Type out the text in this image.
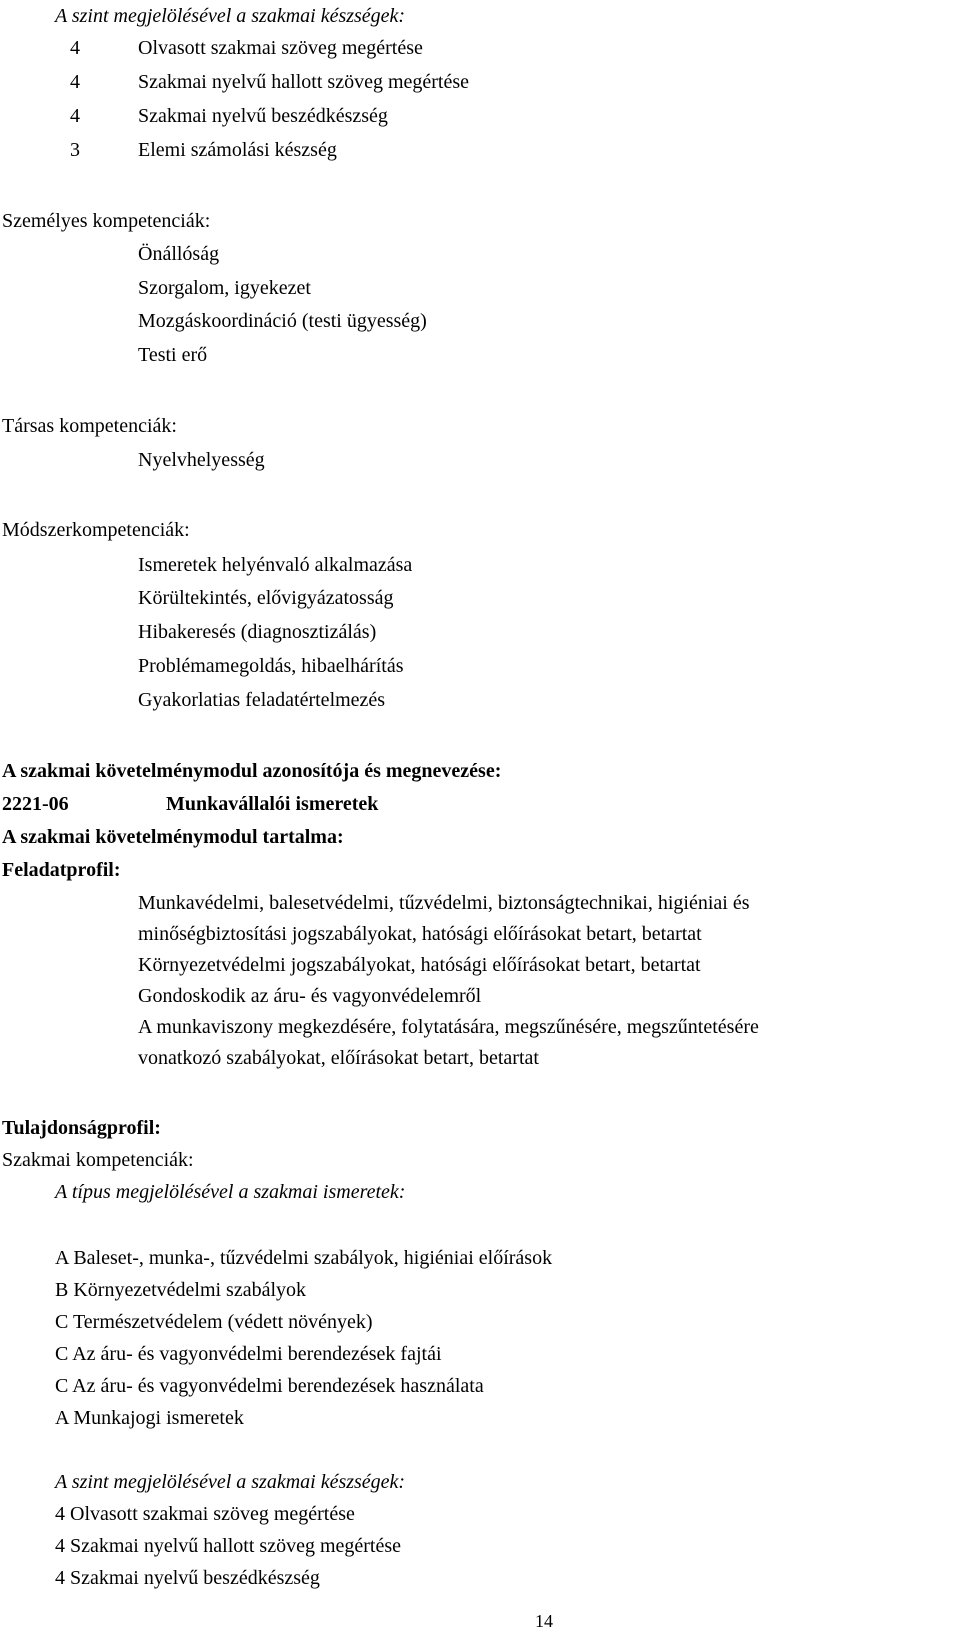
A szint megjelölésével a szakmai készségek:
4	Olvasott szakmai szöveg megértése
4	Szakmai nyelvű hallott szöveg megértése
4	Szakmai nyelvű beszédkészség
3	Elemi számolási készség
Személyes kompetenciák:
Önállóság
Szorgalom, igyekezet
Mozgáskoordináció (testi ügyesség)
Testi erő
Társas kompetenciák:
Nyelvhelyesség
Módszerkompetenciák:
Ismeretek helyénvaló alkalmazása
Körültekintés, elővigyázatosság
Hibakeresés (diagnosztizálás)
Problémamegoldás, hibaelhárítás
Gyakorlatias feladatértelmezés
A szakmai követelménymodul azonosítója és megnevezése:
2221-06	Munkavállalói ismeretek
A szakmai követelménymodul tartalma:
Feladatprofil:
Munkavédelmi, balesetvédelmi, tűzvédelmi, biztonságtechnikai, higiéniai és
minőségbiztosítási jogszabályokat, hatósági előírásokat betart, betartat
Környezetvédelmi jogszabályokat, hatósági előírásokat betart, betartat
Gondoskodik az áru- és vagyonvédelemről
A munkaviszony megkezdésére, folytatására, megszűnésére, megszűntetésére
vonatkozó szabályokat, előírásokat betart, betartat
Tulajdonságprofil:
Szakmai kompetenciák:
A típus megjelölésével a szakmai ismeretek:
A Baleset-, munka-, tűzvédelmi szabályok, higiéniai előírások
B Környezetvédelmi szabályok
C Természetvédelem (védett növények)
C Az áru- és vagyonvédelmi berendezések fajtái
C Az áru- és vagyonvédelmi berendezések használata
A Munkajogi ismeretek
A szint megjelölésével a szakmai készségek:
4 Olvasott szakmai szöveg megértése
4 Szakmai nyelvű hallott szöveg megértése
4 Szakmai nyelvű beszédkészség
14
